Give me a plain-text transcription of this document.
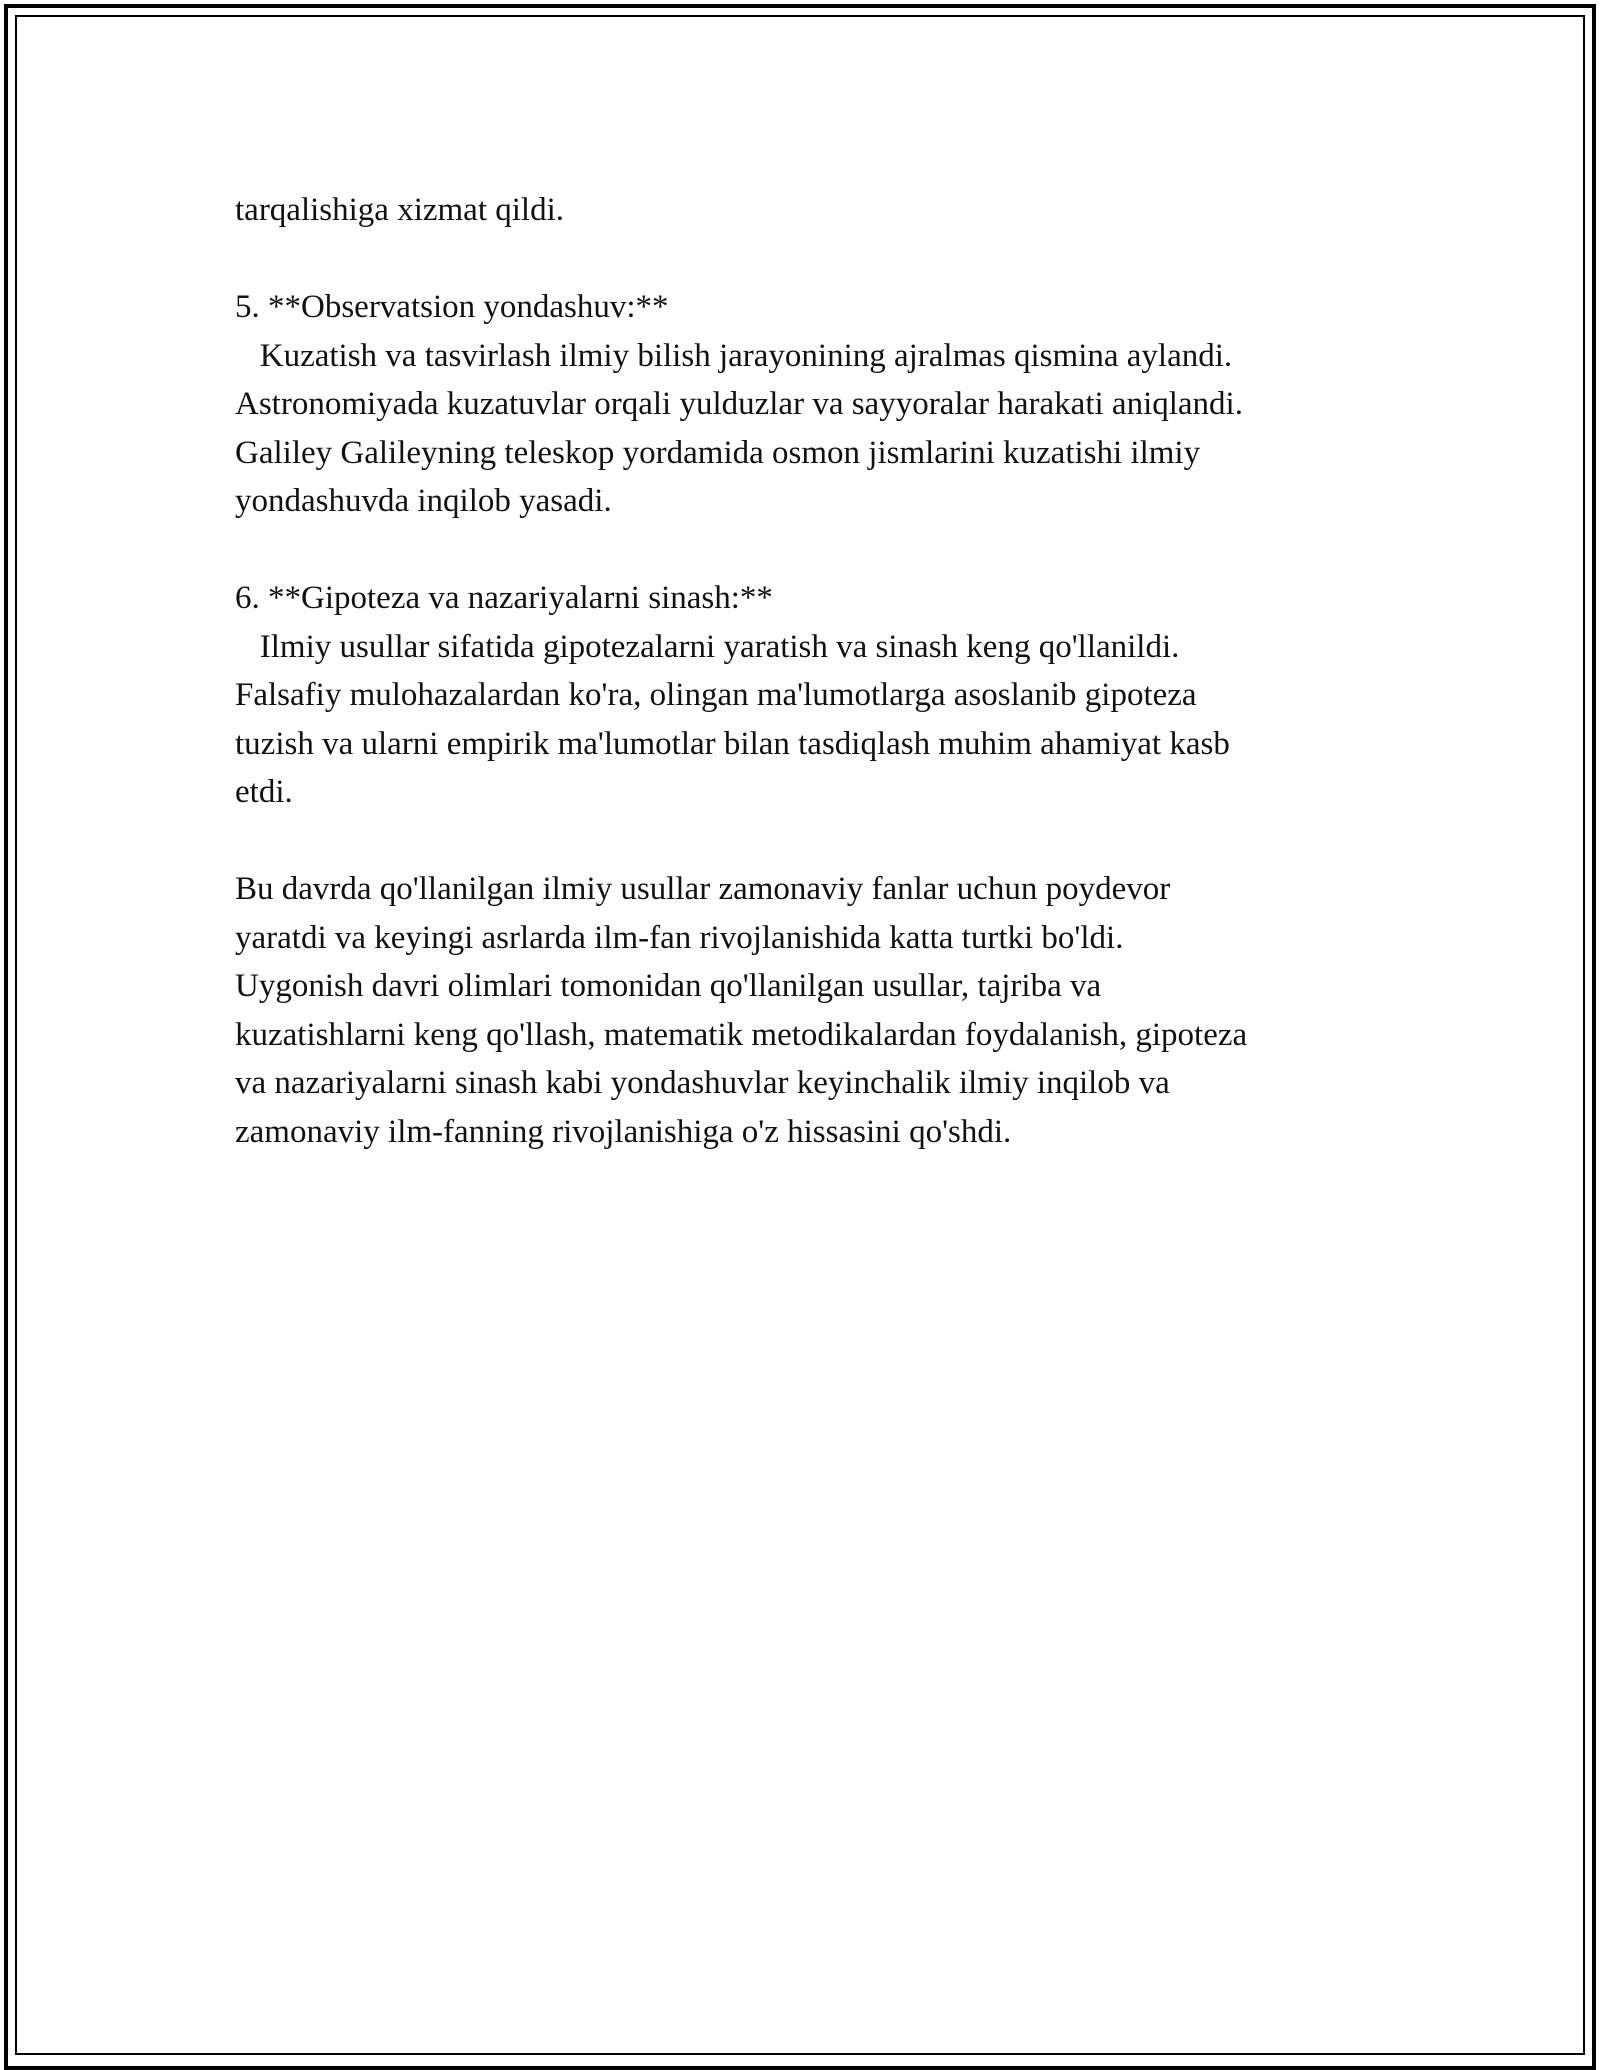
tarqalishiga xizmat qildi.
5. **Observatsion yondashuv:**
Kuzatish va tasvirlash ilmiy bilish jarayonining ajralmas qismina aylandi.
Astronomiyada kuzatuvlar orqali yulduzlar va sayyoralar harakati aniqlandi.
Galiley Galileyning teleskop yordamida osmon jismlarini kuzatishi ilmiy
yondashuvda inqilob yasadi.
6. **Gipoteza va nazariyalarni sinash:**
Ilmiy usullar sifatida gipotezalarni yaratish va sinash keng qo'llanildi.
Falsafiy mulohazalardan ko'ra, olingan ma'lumotlarga asoslanib gipoteza
tuzish va ularni empirik ma'lumotlar bilan tasdiqlash muhim ahamiyat kasb
etdi.
Bu davrda qo'llanilgan ilmiy usullar zamonaviy fanlar uchun poydevor
yaratdi va keyingi asrlarda ilm-fan rivojlanishida katta turtki bo'ldi.
Uygonish davri olimlari tomonidan qo'llanilgan usullar, tajriba va
kuzatishlarni keng qo'llash, matematik metodikalardan foydalanish, gipoteza
va nazariyalarni sinash kabi yondashuvlar keyinchalik ilmiy inqilob va
zamonaviy ilm-fanning rivojlanishiga o'z hissasini qo'shdi.
